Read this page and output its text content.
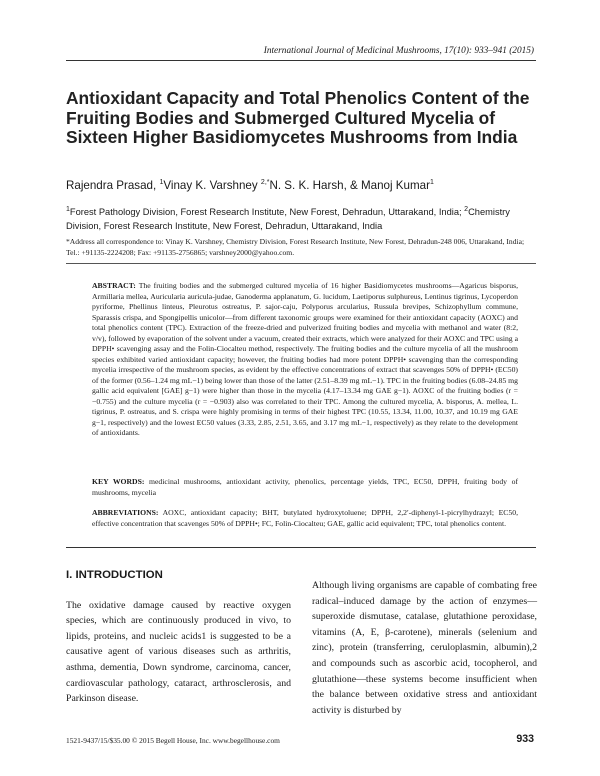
International Journal of Medicinal Mushrooms, 17(10): 933–941 (2015)
Antioxidant Capacity and Total Phenolics Content of the Fruiting Bodies and Submerged Cultured Mycelia of Sixteen Higher Basidiomycetes Mushrooms from India
Rajendra Prasad, $^1$Vinay K. Varshney $^{2,*}$N. S. K. Harsh, & Manoj Kumar$^1$
$^1$Forest Pathology Division, Forest Research Institute, New Forest, Dehradun, Uttarakand, India; $^2$Chemistry Division, Forest Research Institute, New Forest, Dehradun, Uttarakand, India
*Address all correspondence to: Vinay K. Varshney, Chemistry Division, Forest Research Institute, New Forest, Dehradun-248 006, Uttarakand, India; Tel.: +91135-2224208; Fax: +91135-2756865; varshney2000@yahoo.com.
ABSTRACT: The fruiting bodies and the submerged cultured mycelia of 16 higher Basidiomycetes mushrooms—Agaricus bisporus, Armillaria mellea, Auricularia auricula-judae, Ganoderma applanatum, G. lucidum, Laetiporus sulphureus, Lentinus tigrinus, Lycoperdon pyriforme, Phellinus linteus, Pleurotus ostreatus, P. sajor-caju, Polyporus arcularius, Russula brevipes, Schizophyllum commune, Sparassis crispa, and Spongipellis unicolor—from different taxonomic groups were examined for their antioxidant capacity (AOXC) and total phenolics content (TPC). Extraction of the freeze-dried and pulverized fruiting bodies and mycelia with methanol and water (8:2, v/v), followed by evaporation of the solvent under a vacuum, created their extracts, which were analyzed for their AOXC and TPC using a DPPH• scavenging assay and the Folin-Ciocalteu method, respectively. The fruiting bodies and the culture mycelia of all the mushroom species exhibited varied antioxidant capacity; however, the fruiting bodies had more potent DPPH• scavenging than the corresponding mycelia irrespective of the mushroom species, as evident by the effective concentrations of extract that scavenges 50% of DPPH• (EC50) of the former (0.56–1.24 mg mL−1) being lower than those of the latter (2.51–8.39 mg mL−1). TPC in the fruiting bodies (6.08–24.85 mg gallic acid equivalent [GAE] g−1) were higher than those in the mycelia (4.17–13.34 mg GAE g−1). AOXC of the fruiting bodies (r = −0.755) and the culture mycelia (r = −0.903) also was correlated to their TPC. Among the cultured mycelia, A. bisporus, A. mellea, L. tigrinus, P. ostreatus, and S. crispa were highly promising in terms of their highest TPC (10.55, 13.34, 11.00, 10.37, and 10.19 mg GAE g−1, respectively) and the lowest EC50 values (3.33, 2.85, 2.51, 3.65, and 3.17 mg mL−1, respectively) as they relate to the development of antioxidants.
KEY WORDS: medicinal mushrooms, antioxidant activity, phenolics, percentage yields, TPC, EC50, DPPH, fruiting body of mushrooms, mycelia
ABBREVIATIONS: AOXC, antioxidant capacity; BHT, butylated hydroxytoluene; DPPH, 2,2′-diphenyl-1-picrylhydrazyl; EC50, effective concentration that scavenges 50% of DPPH•; FC, Folin-Ciocalteu; GAE, gallic acid equivalent; TPC, total phenolics content.
I. INTRODUCTION

The oxidative damage caused by reactive oxygen species, which are continuously produced in vivo, to lipids, proteins, and nucleic acids1 is suggested to be a causative agent of various diseases such as arthritis, asthma, dementia, Down syndrome, carcinoma, cancer, cardiovascular pathology, cataract, arthrosclerosis, and Parkinson disease.

Although living organisms are capable of combating free radical–induced damage by the action of enzymes—superoxide dismutase, catalase, glutathione peroxidase, vitamins (A, E, β-carotene), minerals (selenium and zinc), protein (transferring, ceruloplasmin, albumin),2 and compounds such as ascorbic acid, tocopherol, and glutathione—these systems become insufficient when the balance between oxidative stress and antioxidant activity is disturbed by

1521-9437/15/$35.00 © 2015 Begell House, Inc. www.begellhouse.com	933
